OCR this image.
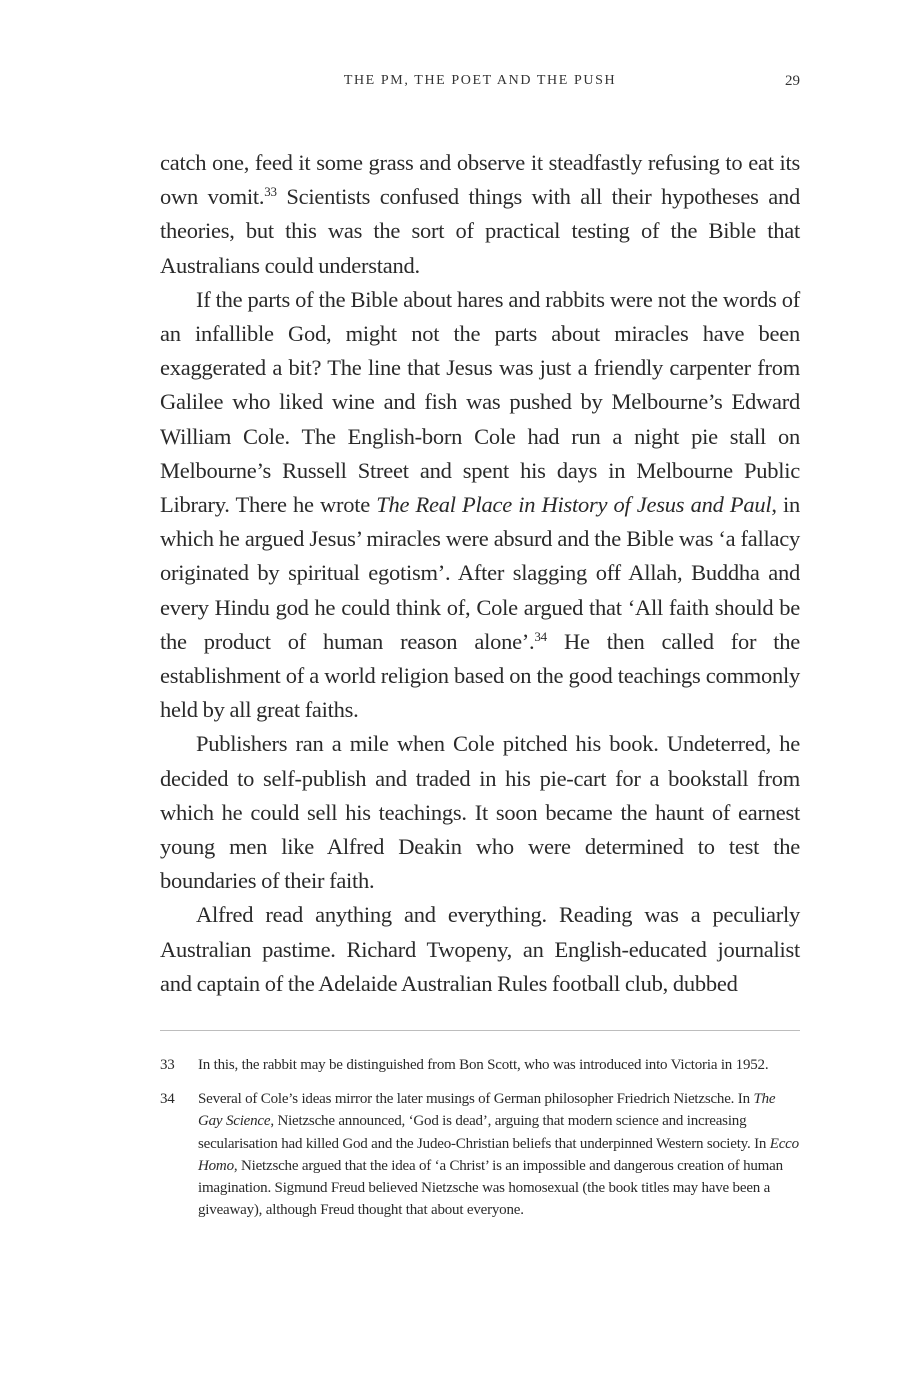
THE PM, THE POET AND THE PUSH	29

catch one, feed it some grass and observe it steadfastly refusing to eat its own vomit.$^{33}$ Scientists confused things with all their hypotheses and theories, but this was the sort of practical testing of the Bible that Australians could understand.

If the parts of the Bible about hares and rabbits were not the words of an infallible God, might not the parts about miracles have been exaggerated a bit? The line that Jesus was just a friendly carpenter from Galilee who liked wine and fish was pushed by Melbourne’s Edward William Cole. The English-born Cole had run a night pie stall on Melbourne’s Russell Street and spent his days in Melbourne Public Library. There he wrote The Real Place in History of Jesus and Paul, in which he argued Jesus’ miracles were absurd and the Bible was ‘a fallacy originated by spiritual egotism’. After slagging off Allah, Buddha and every Hindu god he could think of, Cole argued that ‘All faith should be the product of human reason alone’.$^{34}$ He then called for the establishment of a world religion based on the good teachings commonly held by all great faiths.

Publishers ran a mile when Cole pitched his book. Undeterred, he decided to self-publish and traded in his pie-cart for a bookstall from which he could sell his teachings. It soon became the haunt of earnest young men like Alfred Deakin who were determined to test the boundaries of their faith.

Alfred read anything and everything. Reading was a peculiarly Australian pastime. Richard Twopeny, an English-educated journalist and captain of the Adelaide Australian Rules football club, dubbed

33 In this, the rabbit may be distinguished from Bon Scott, who was introduced into Victoria in 1952.
34 Several of Cole’s ideas mirror the later musings of German philosopher Friedrich Nietzsche. In The Gay Science, Nietzsche announced, ‘God is dead’, arguing that modern science and increasing secularisation had killed God and the Judeo-Christian beliefs that underpinned Western society. In Ecco Homo, Nietzsche argued that the idea of ‘a Christ’ is an impossible and dangerous creation of human imagination. Sigmund Freud believed Nietzsche was homosexual (the book titles may have been a giveaway), although Freud thought that about everyone.
